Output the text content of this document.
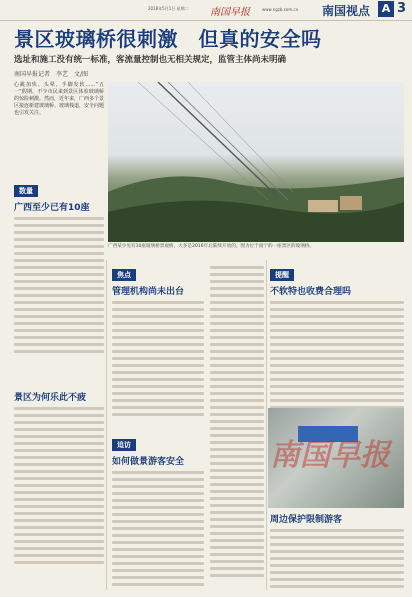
2018年5月1日 星期二 南国早报	www.ngzb.com.cn 南国视点	A 3
景区玻璃桥很刺激　但真的安全吗
选址和施工没有统一标准，客流量控制也无相关规定，监管主体尚未明确
南国早报记者　李艺　文/图
心跳加快、头晕、手脚发软……“五一”假期，不少市民来到景区体验玻璃桥的惊险刺激。然而，近年来，广西多个景区接连新建玻璃桥、玻璃栈道，安全问题也引发关注。
广西某少见有10座玻璃桥景观桥，大多是2016年后陆续开放的。图为位于南宁的一座景区的玻璃桥。
数量
广西至少已有10座
景区为何乐此不疲
焦点
管理机构尚未出台
追访
如何做景游客安全
提醒
不软特也收费合理吗
南国早报
周边保护限制游客
